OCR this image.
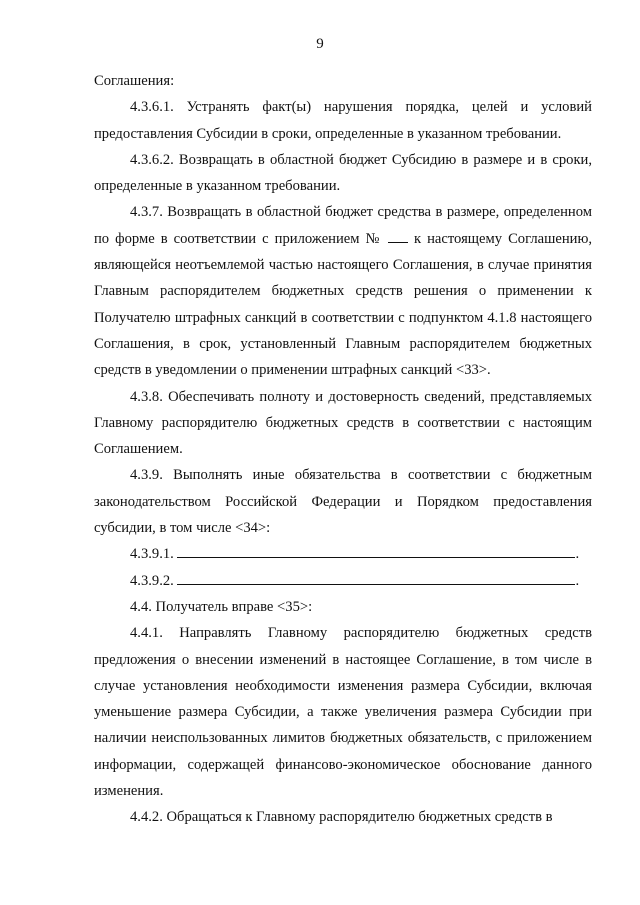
9

Соглашения:

4.3.6.1. Устранять факт(ы) нарушения порядка, целей и условий предоставления Субсидии в сроки, определенные в указанном требовании.

4.3.6.2. Возвращать в областной бюджет Субсидию в размере и в сроки, определенные в указанном требовании.

4.3.7. Возвращать в областной бюджет средства в размере, определенном по форме в соответствии с приложением № к настоящему Соглашению, являющейся неотъемлемой частью настоящего Соглашения, в случае принятия Главным распорядителем бюджетных средств решения о применении к Получателю штрафных санкций в соответствии с подпунктом 4.1.8 настоящего Соглашения, в срок, установленный Главным распорядителем бюджетных средств в уведомлении о применении штрафных санкций <33>.

4.3.8. Обеспечивать полноту и достоверность сведений, представляемых Главному распорядителю бюджетных средств в соответствии с настоящим Соглашением.

4.3.9. Выполнять иные обязательства в соответствии с бюджетным законодательством Российской Федерации и Порядком предоставления субсидии, в том числе <34>:

4.3.9.1.	.

4.3.9.2.	.

4.4. Получатель вправе <35>:

4.4.1. Направлять Главному распорядителю бюджетных средств предложения о внесении изменений в настоящее Соглашение, в том числе в случае установления необходимости изменения размера Субсидии, включая уменьшение размера Субсидии, а также увеличения размера Субсидии при наличии неиспользованных лимитов бюджетных обязательств, с приложением информации, содержащей финансово-экономическое обоснование данного изменения.

4.4.2. Обращаться к Главному распорядителю бюджетных средств в
